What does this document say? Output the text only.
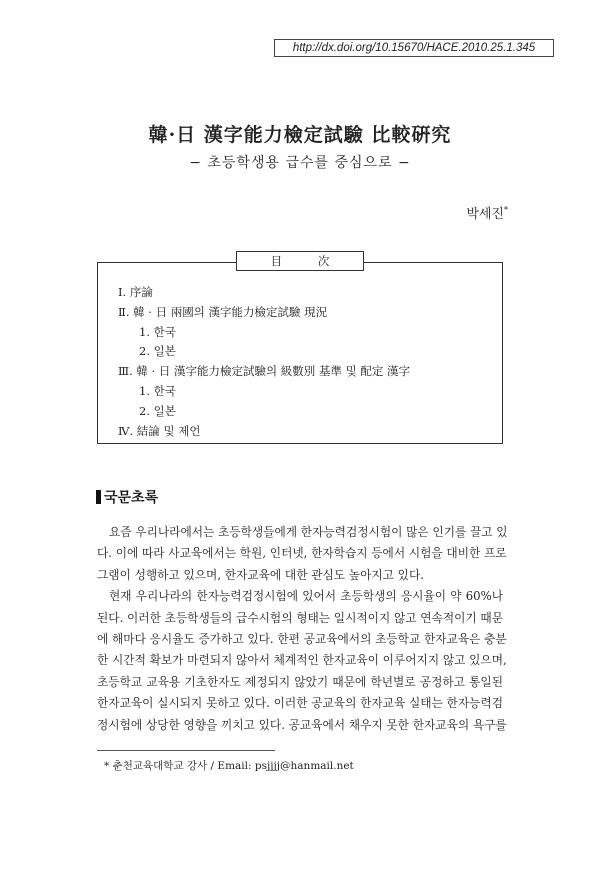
http://dx.doi.org/10.15670/HACE.2010.25.1.345
韓·日 漢字能力檢定試驗 比較硏究
− 초등학생용 급수를 중심으로 −
박세진*
目 次
Ⅰ. 序論
Ⅱ. 韓 · 日 兩國의 漢字能力檢定試驗 現況
1. 한국
2. 일본
Ⅲ. 韓 · 日 漢字能力檢定試驗의 級數別 基準 및 配定 漢字
1. 한국
2. 일본
Ⅳ. 結論 및 제언
국문초록
요즘 우리나라에서는 초등학생들에게 한자능력검정시험이 많은 인기를 끌고 있
다. 이에 따라 사교육에서는 학원, 인터넷, 한자학습지 등에서 시험을 대비한 프로
그램이 성행하고 있으며, 한자교육에 대한 관심도 높아지고 있다.
현재 우리나라의 한자능력검정시험에 있어서 초등학생의 응시율이 약 60%나
된다. 이러한 초등학생들의 급수시험의 형태는 일시적이지 않고 연속적이기 때문
에 해마다 응시율도 증가하고 있다. 한편 공교육에서의 초등학교 한자교육은 충분
한 시간적 확보가 마련되지 않아서 체계적인 한자교육이 이루어지지 않고 있으며,
초등학교 교육용 기초한자도 제정되지 않았기 때문에 학년별로 공정하고 통일된
한자교육이 실시되지 못하고 있다. 이러한 공교육의 한자교육 실태는 한자능력검
정시험에 상당한 영향을 끼치고 있다. 공교육에서 채우지 못한 한자교육의 욕구를
* 춘천교육대학교 강사 / Email: psjjjj@hanmail.net
